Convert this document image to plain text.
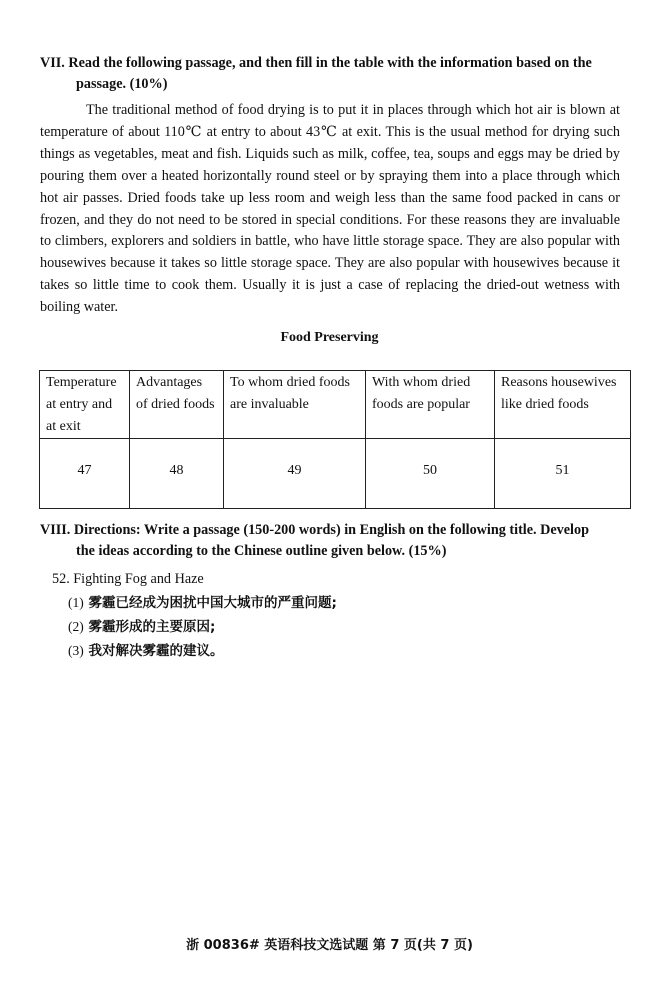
VII. Read the following passage, and then fill in the table with the information based on the
passage. (10%)

The traditional method of food drying is to put it in places through which hot air is blown at temperature of about 110℃ at entry to about 43℃ at exit. This is the usual method for drying such things as vegetables, meat and fish. Liquids such as milk, coffee, tea, soups and eggs may be dried by pouring them over a heated horizontally round steel or by spraying them into a place through which hot air passes. Dried foods take up less room and weigh less than the same food packed in cans or frozen, and they do not need to be stored in special conditions. For these reasons they are invaluable to climbers, explorers and soldiers in battle, who have little storage space. They are also popular with housewives because it takes so little storage space. They are also popular with housewives because it takes so little time to cook them. Usually it is just a case of replacing the dried-out wetness with boiling water.

Food Preserving
Temperature at entry and at exit	Advantages of dried foods	To whom dried foods are invaluable	With whom dried foods are popular	Reasons housewives like dried foods
47	48	49	50	51
VIII. Directions: Write a passage (150-200 words) in English on the following title. Develop
the ideas according to the Chinese outline given below. (15%)
52. Fighting Fog and Haze
(1) 雾霾已经成为困扰中国大城市的严重问题;
(2) 雾霾形成的主要原因;
(3) 我对解决雾霾的建议。
浙 00836# 英语科技文选试题 第 7 页(共 7 页)
